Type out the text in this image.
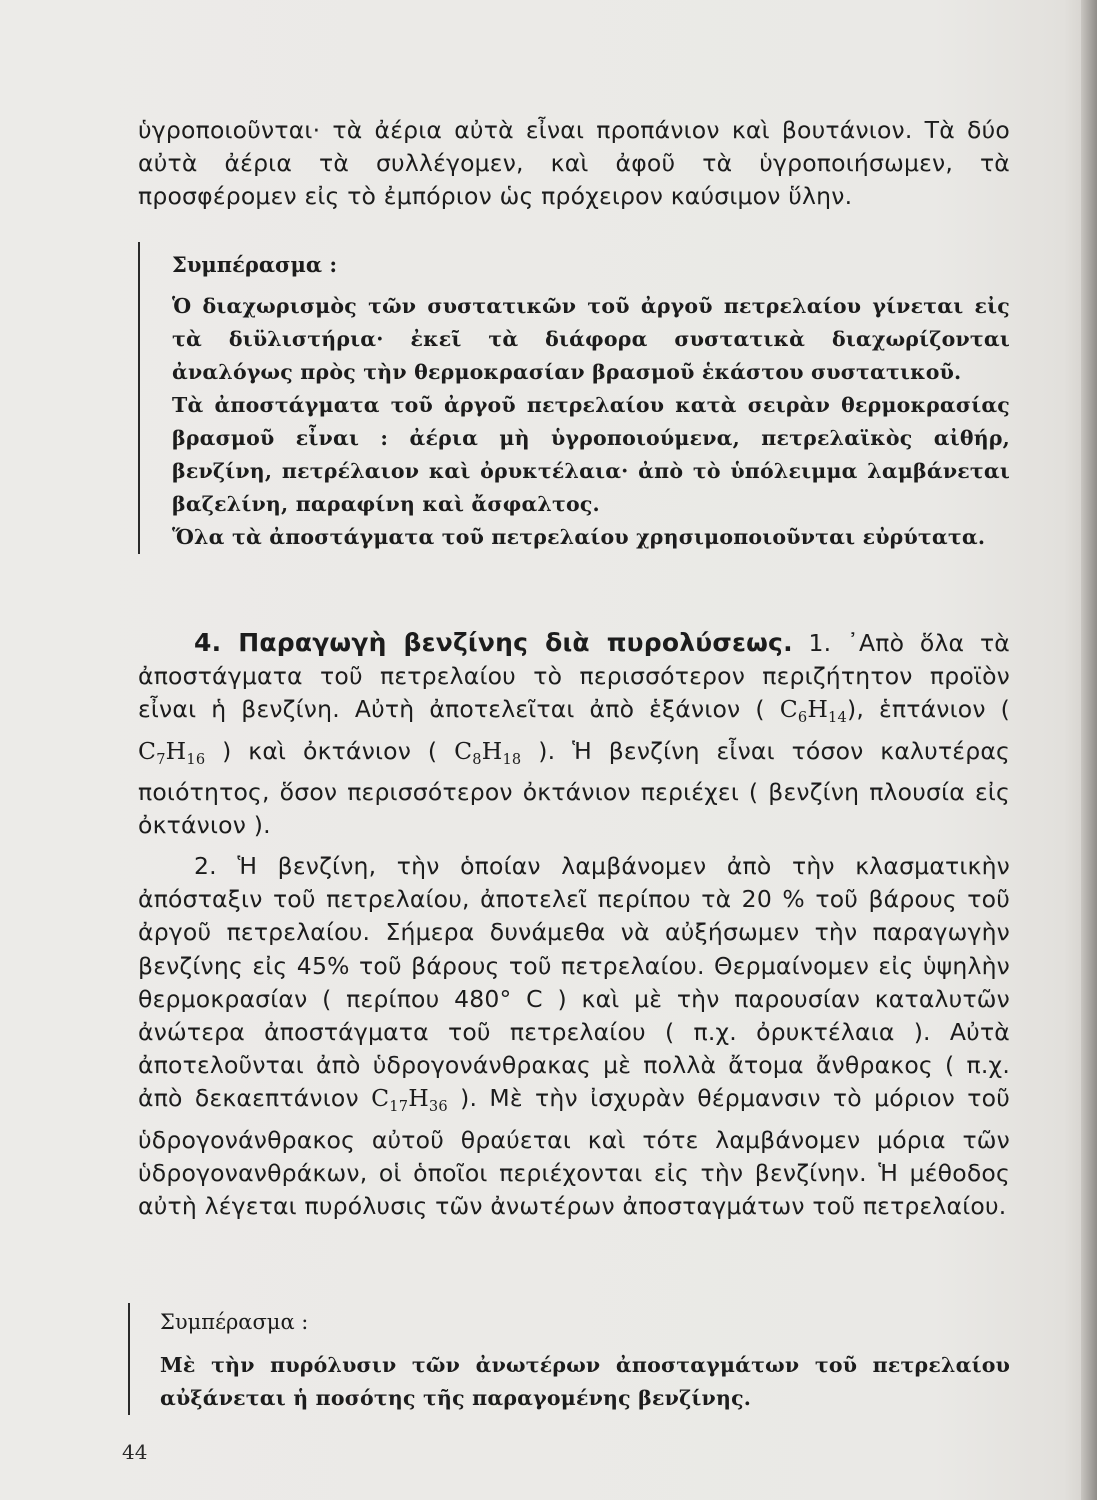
ὑγροποιοῦνται· τὰ ἀέρια αὐτὰ εἶναι προπάνιον καὶ βουτάνιον. Τὰ δύο αὐτὰ ἀέρια τὰ συλλέγομεν, καὶ ἀφοῦ τὰ ὑγροποιήσωμεν, τὰ προσφέρομεν εἰς τὸ ἐμπόριον ὡς πρόχειρον καύσιμον ὕλην.

Συμπέρασμα :

Ὁ διαχωρισμὸς τῶν συστατικῶν τοῦ ἀργοῦ πετρελαίου γίνεται εἰς τὰ διϋλιστήρια· ἐκεῖ τὰ διάφορα συστατικὰ διαχωρίζονται ἀναλόγως πρὸς τὴν θερμοκρασίαν βρασμοῦ ἑκάστου συστατικοῦ.

Τὰ ἀποστάγματα τοῦ ἀργοῦ πετρελαίου κατὰ σειρὰν θερμοκρασίας βρασμοῦ εἶναι : ἀέρια μὴ ὑγροποιούμενα, πετρελαϊκὸς αἰθήρ, βενζίνη, πετρέλαιον καὶ ὀρυκτέλαια· ἀπὸ τὸ ὑπόλειμμα λαμβάνεται βαζελίνη, παραφίνη καὶ ἄσφαλτος.

Ὅλα τὰ ἀποστάγματα τοῦ πετρελαίου χρησιμοποιοῦνται εὐρύτατα.

4. Παραγωγὴ βενζίνης διὰ πυρολύσεως. 1. ᾿Απὸ ὅλα τὰ ἀποστάγματα τοῦ πετρελαίου τὸ περισσότερον περιζήτητον προϊὸν εἶναι ἡ βενζίνη. Αὐτὴ ἀποτελεῖται ἀπὸ ἑξάνιον ( $C_6H_{14}$), ἑπτάνιον ( $C_7H_{16}$ ) καὶ ὀκτάνιον ( $C_8H_{18}$ ). Ἡ βενζίνη εἶναι τόσον καλυτέρας ποιότητος, ὅσον περισσότερον ὀκτάνιον περιέχει ( βενζίνη πλουσία εἰς ὀκτάνιον ).

2. Ἡ βενζίνη, τὴν ὁποίαν λαμβάνομεν ἀπὸ τὴν κλασματικὴν ἀπόσταξιν τοῦ πετρελαίου, ἀποτελεῖ περίπου τὰ 20 % τοῦ βάρους τοῦ ἀργοῦ πετρελαίου. Σήμερα δυνάμεθα νὰ αὐξήσωμεν τὴν παραγωγὴν βενζίνης εἰς 45% τοῦ βάρους τοῦ πετρελαίου. Θερμαίνομεν εἰς ὑψηλὴν θερμοκρασίαν ( περίπου 480° C ) καὶ μὲ τὴν παρουσίαν καταλυτῶν ἀνώτερα ἀποστάγματα τοῦ πετρελαίου ( π.χ. ὀρυκτέλαια ). Αὐτὰ ἀποτελοῦνται ἀπὸ ὑδρογονάνθρακας μὲ πολλὰ ἄτομα ἄνθρακος ( π.χ. ἀπὸ δεκαεπτάνιον $C_{17}H_{36}$ ). Μὲ τὴν ἰσχυρὰν θέρμανσιν τὸ μόριον τοῦ ὑδρογονάνθρακος αὐτοῦ θραύεται καὶ τότε λαμβάνομεν μόρια τῶν ὑδρογονανθράκων, οἱ ὁποῖοι περιέχονται εἰς τὴν βενζίνην. Ἡ μέθοδος αὐτὴ λέγεται πυρόλυσις τῶν ἀνωτέρων ἀποσταγμάτων τοῦ πετρελαίου.

Συμπέρασμα :

Μὲ τὴν πυρόλυσιν τῶν ἀνωτέρων ἀποσταγμάτων τοῦ πετρελαίου αὐξάνεται ἡ ποσότης τῆς παραγομένης βενζίνης.

44
